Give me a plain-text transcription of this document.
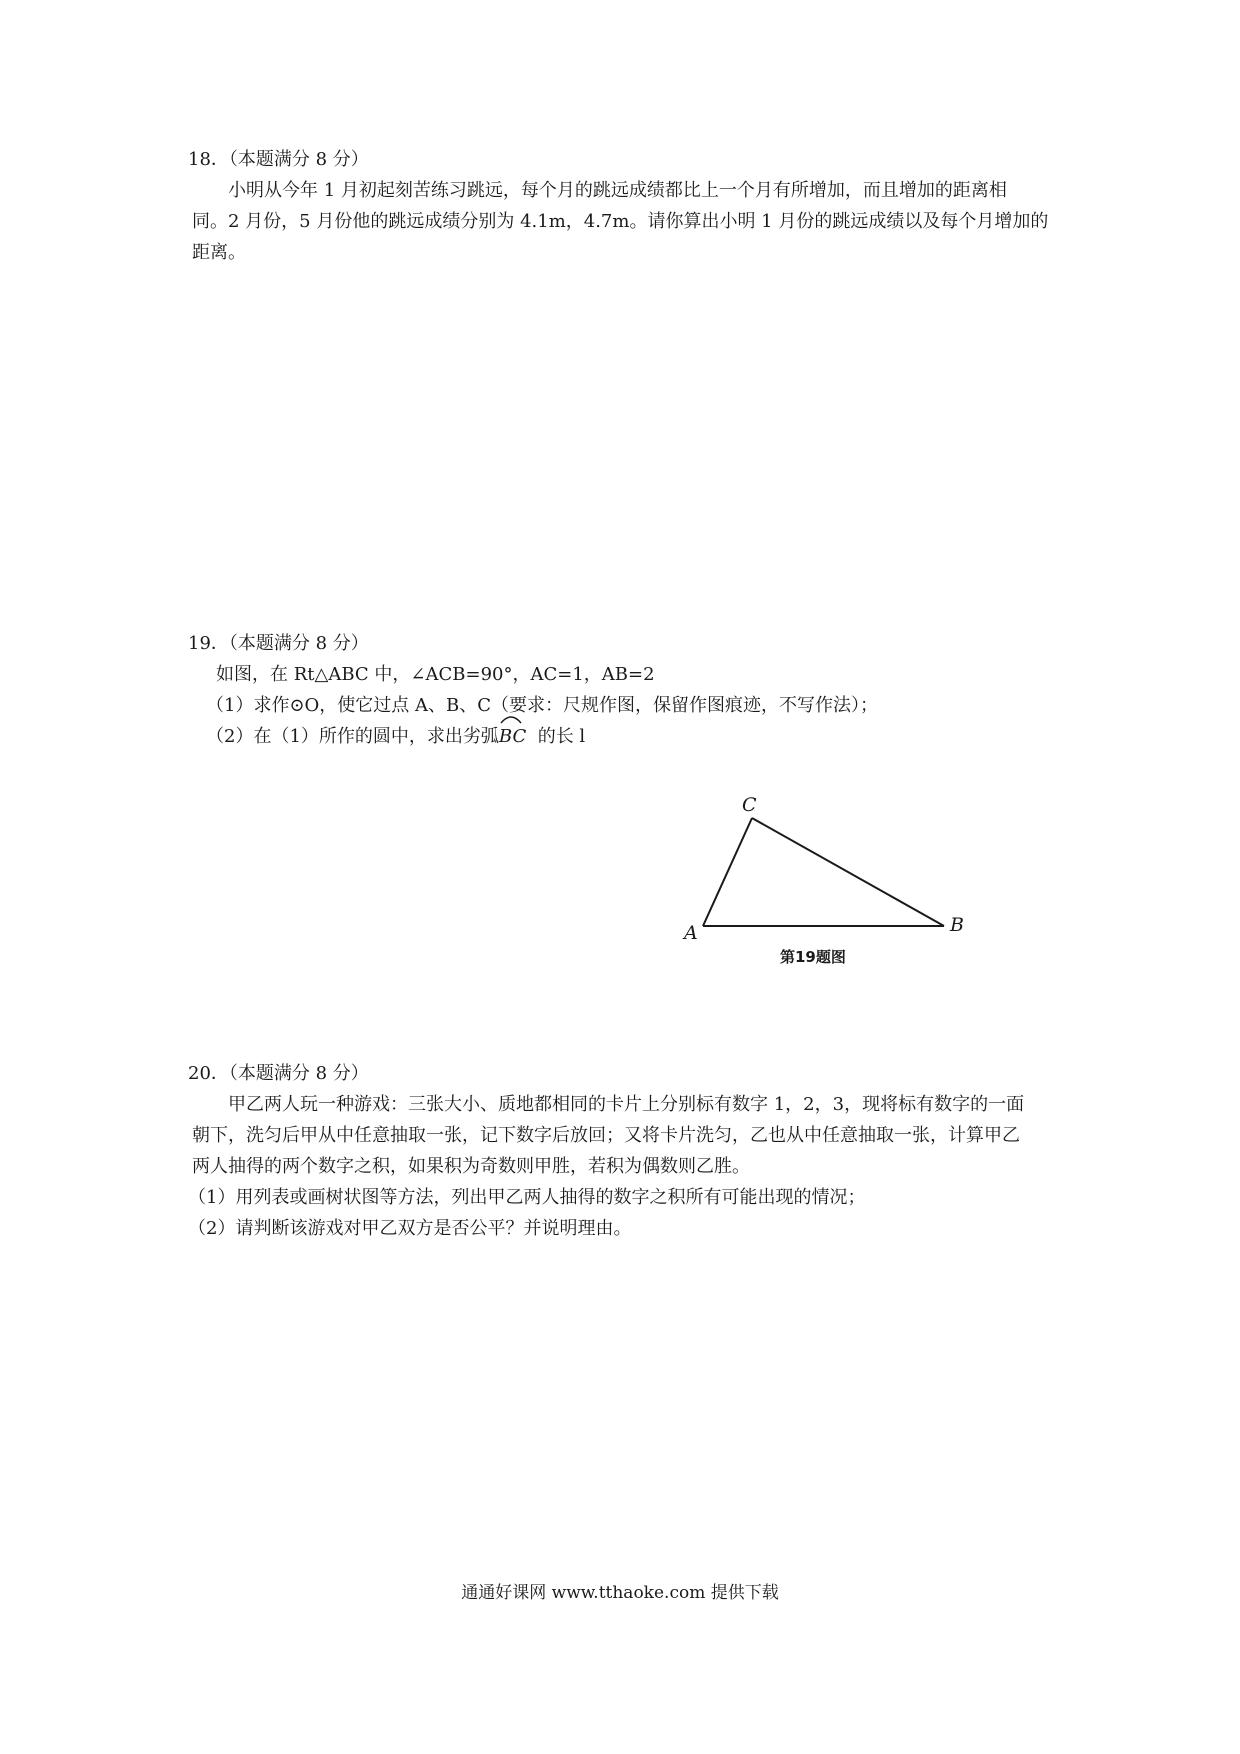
18．（本题满分 8 分）
小明从今年 1 月初起刻苦练习跳远，每个月的跳远成绩都比上一个月有所增加，而且增加的距离相
同。2 月份，5 月份他的跳远成绩分别为 4.1m，4.7m。请你算出小明 1 月份的跳远成绩以及每个月增加的
距离。
19．（本题满分 8 分）
如图，在 Rt△ABC 中，∠ACB=90°，AC=1，AB=2
（1）求作⊙O，使它过点 A、B、C（要求：尺规作图，保留作图痕迹，不写作法）；
（2）在（1）所作的圆中，求出劣弧
BC 的长 l
A	B
C
第19题图
20．（本题满分 8 分）
甲乙两人玩一种游戏：三张大小、质地都相同的卡片上分别标有数字 1，2，3，现将标有数字的一面
朝下，洗匀后甲从中任意抽取一张，记下数字后放回；又将卡片洗匀，乙也从中任意抽取一张，计算甲乙
两人抽得的两个数字之积，如果积为奇数则甲胜，若积为偶数则乙胜。
（1）用列表或画树状图等方法，列出甲乙两人抽得的数字之积所有可能出现的情况；
（2）请判断该游戏对甲乙双方是否公平？并说明理由。
通通好课网 www.tthaoke.com 提供下载
